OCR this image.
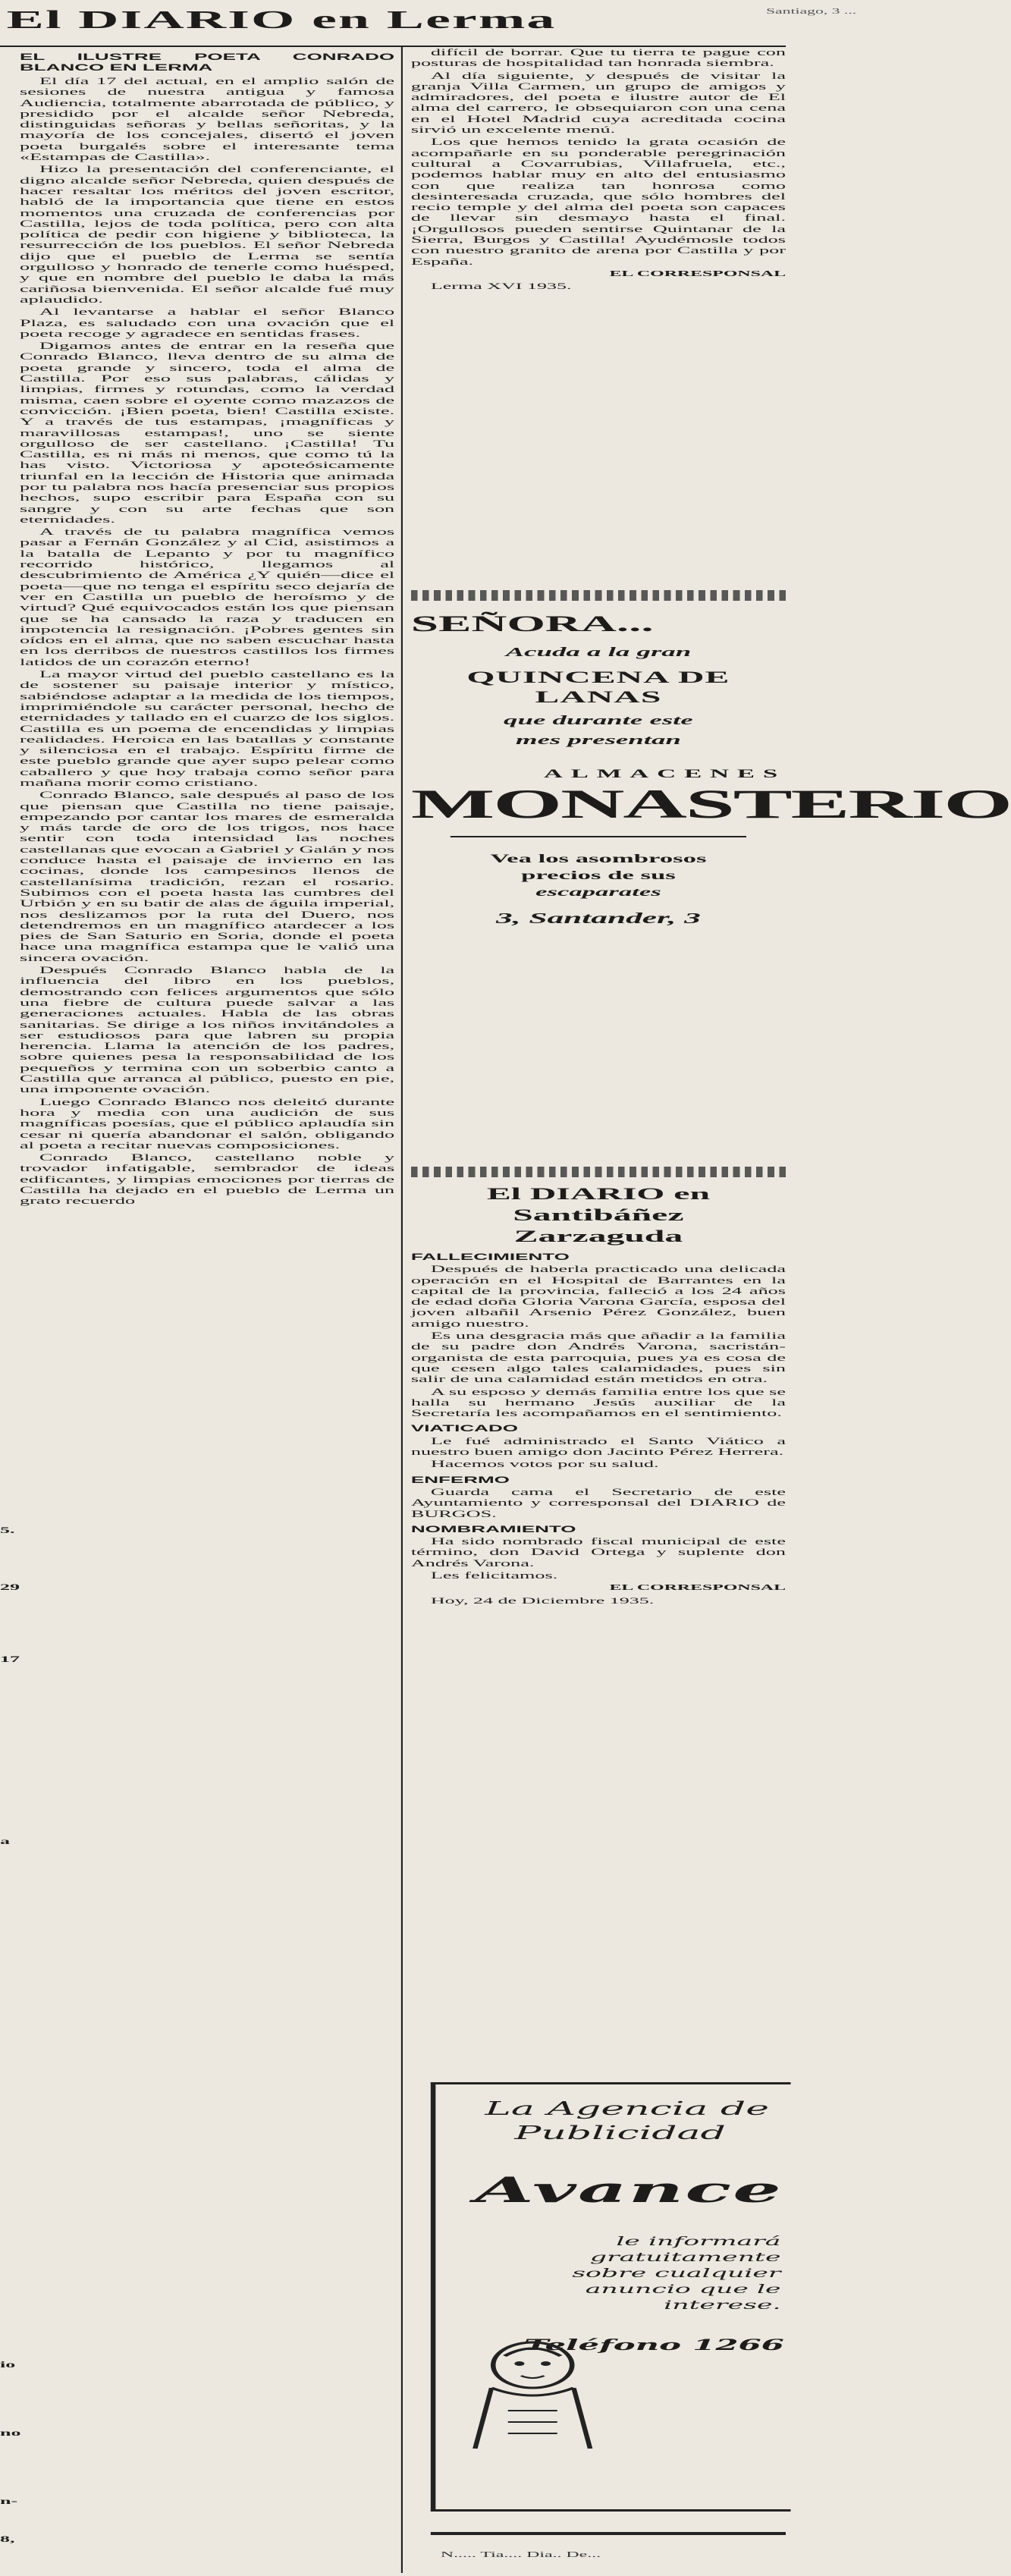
El DIARIO en Lerma	Santiago, 3 ...
EL ILUSTRE POETA CONRADO BLANCO EN LERMA

El día 17 del actual, en el amplio salón de sesiones de nuestra antigua y famosa Audiencia, totalmente abarrotada de público, y presidido por el alcalde señor Nebreda, distinguidas señoras y bellas señoritas, y la mayoría de los concejales, disertó el joven poeta burgalés sobre el interesante tema «Estampas de Castilla».

Hizo la presentación del conferenciante, el digno alcalde señor Nebreda, quien después de hacer resaltar los méritos del joven escritor, habló de la importancia que tiene en estos momentos una cruzada de conferencias por Castilla, lejos de toda política, pero con alta política de pedir con higiene y biblioteca, la resurrección de los pueblos. El señor Nebreda dijo que el pueblo de Lerma se sentía orgulloso y honrado de tenerle como huésped, y que en nombre del pueblo le daba la más cariñosa bienvenida. El señor alcalde fué muy aplaudido.

Al levantarse a hablar el señor Blanco Plaza, es saludado con una ovación que el poeta recoge y agradece en sentidas frases.

Digamos antes de entrar en la reseña que Conrado Blanco, lleva dentro de su alma de poeta grande y sincero, toda el alma de Castilla. Por eso sus palabras, cálidas y limpias, firmes y rotundas, como la verdad misma, caen sobre el oyente como mazazos de convicción. ¡Bien poeta, bien! Castilla existe. Y a través de tus estampas, ¡magníficas y maravillosas estampas!, uno se siente orgulloso de ser castellano. ¡Castilla! Tu Castilla, es ni más ni menos, que como tú la has visto. Victoriosa y apoteósicamente triunfal en la lección de Historia que animada por tu palabra nos hacía presenciar sus propios hechos, supo escribir para España con su sangre y con su arte fechas que son eternidades.

A través de tu palabra magnífica vemos pasar a Fernán González y al Cid, asistimos a la batalla de Lepanto y por tu magnífico recorrido histórico, llegamos al descubrimiento de América ¿Y quién—dice el poeta—que no tenga el espíritu seco dejaría de ver en Castilla un pueblo de heroísmo y de virtud? Qué equivocados están los que piensan que se ha cansado la raza y traducen en impotencia la resignación. ¡Pobres gentes sin oídos en el alma, que no saben escuchar hasta en los derribos de nuestros castillos los firmes latidos de un corazón eterno!

La mayor virtud del pueblo castellano es la de sostener su paisaje interior y místico, sabiéndose adaptar a la medida de los tiempos, imprimiéndole su carácter personal, hecho de eternidades y tallado en el cuarzo de los siglos. Castilla es un poema de encendidas y limpias realidades. Heroica en las batallas y constante y silenciosa en el trabajo. Espíritu firme de este pueblo grande que ayer supo pelear como caballero y que hoy trabaja como señor para mañana morir como cristiano.

Conrado Blanco, sale después al paso de los que piensan que Castilla no tiene paisaje, empezando por cantar los mares de esmeralda y más tarde de oro de los trigos, nos hace sentir con toda intensidad las noches castellanas que evocan a Gabriel y Galán y nos conduce hasta el paisaje de invierno en las cocinas, donde los campesinos llenos de castellanísima tradición, rezan el rosario. Subimos con el poeta hasta las cumbres del Urbión y en su batir de alas de águila imperial, nos deslizamos por la ruta del Duero, nos detendremos en un magnífico atardecer a los pies de San Saturio en Soria, donde el poeta hace una magnífica estampa que le valió una sincera ovación.

Después Conrado Blanco habla de la influencia del libro en los pueblos, demostrando con felices argumentos que sólo una fiebre de cultura puede salvar a las generaciones actuales. Habla de las obras sanitarias. Se dirige a los niños invitándoles a ser estudiosos para que labren su propia herencia. Llama la atención de los padres, sobre quienes pesa la responsabilidad de los pequeños y termina con un soberbio canto a Castilla que arranca al público, puesto en pie, una imponente ovación.

Luego Conrado Blanco nos deleitó durante hora y media con una audición de sus magníficas poesías, que el público aplaudía sin cesar ni quería abandonar el salón, obligando al poeta a recitar nuevas composiciones.

Conrado Blanco, castellano noble y trovador infatigable, sembrador de ideas edificantes, y limpias emociones por tierras de Castilla ha dejado en el pueblo de Lerma un grato recuerdo

difícil de borrar. Que tu tierra te pague con posturas de hospitalidad tan honrada siembra.

Al día siguiente, y después de visitar la granja Villa Carmen, un grupo de amigos y admiradores, del poeta e ilustre autor de El alma del carrero, le obsequiaron con una cena en el Hotel Madrid cuya acreditada cocina sirvió un excelente menú.

Los que hemos tenido la grata ocasión de acompañarle en su ponderable peregrinación cultural a Covarrubias, Villafruela, etc., podemos hablar muy en alto del entusiasmo con que realiza tan honrosa como desinteresada cruzada, que sólo hombres del recio temple y del alma del poeta son capaces de llevar sin desmayo hasta el final. ¡Orgullosos pueden sentirse Quintanar de la Sierra, Burgos y Castilla! Ayudémosle todos con nuestro granito de arena por Castilla y por España.

EL CORRESPONSAL

Lerma XVI 1935.

SEÑORA...

Acuda a la gran

QUINCENA DE LANAS

que durante este

mes presentan

ALMACENES

MONASTERIO

Vea los asombrosos

precios de sus

escaparates

3, Santander, 3

El DIARIO en Santibáñez
Zarzaguda
FALLECIMIENTO

Después de haberla practicado una delicada operación en el Hospital de Barrantes en la capital de la provincia, falleció a los 24 años de edad doña Gloria Varona García, esposa del joven albañil Arsenio Pérez González, buen amigo nuestro.

Es una desgracia más que añadir a la familia de su padre don Andrés Varona, sacristán-organista de esta parroquia, pues ya es cosa de que cesen algo tales calamidades, pues sin salir de una calamidad están metidos en otra.

A su esposo y demás familia entre los que se halla su hermano Jesús auxiliar de la Secretaría les acompañamos en el sentimiento.

VIATICADO

Le fué administrado el Santo Viático a nuestro buen amigo don Jacinto Pérez Herrera.

Hacemos votos por su salud.

ENFERMO

Guarda cama el Secretario de este Ayuntamiento y corresponsal del DIARIO de BURGOS.

NOMBRAMIENTO

Ha sido nombrado fiscal municipal de este término, don David Ortega y suplente don Andrés Varona.

Les felicitamos.

EL CORRESPONSAL

Hoy, 24 de Diciembre 1935.

La Agencia de
Publicidad
Avance
le informará
gratuitamente
sobre cualquier
anuncio que le
interese.
Teléfono 1266
N..... Tia.... Dia.. De...
5.
29
17
a
io
no
n-
8,
